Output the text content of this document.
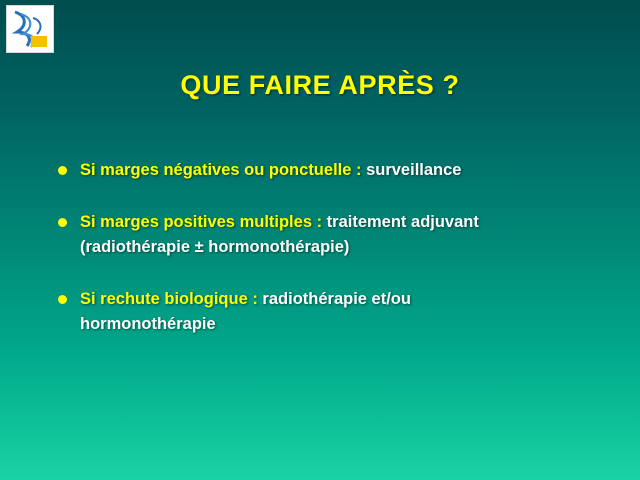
QUE FAIRE APRÈS ?
Si marges négatives ou ponctuelle : surveillance
Si marges positives multiples : traitement adjuvant
(radiothérapie ± hormonothérapie)
Si rechute biologique : radiothérapie et/ou
hormonothérapie
